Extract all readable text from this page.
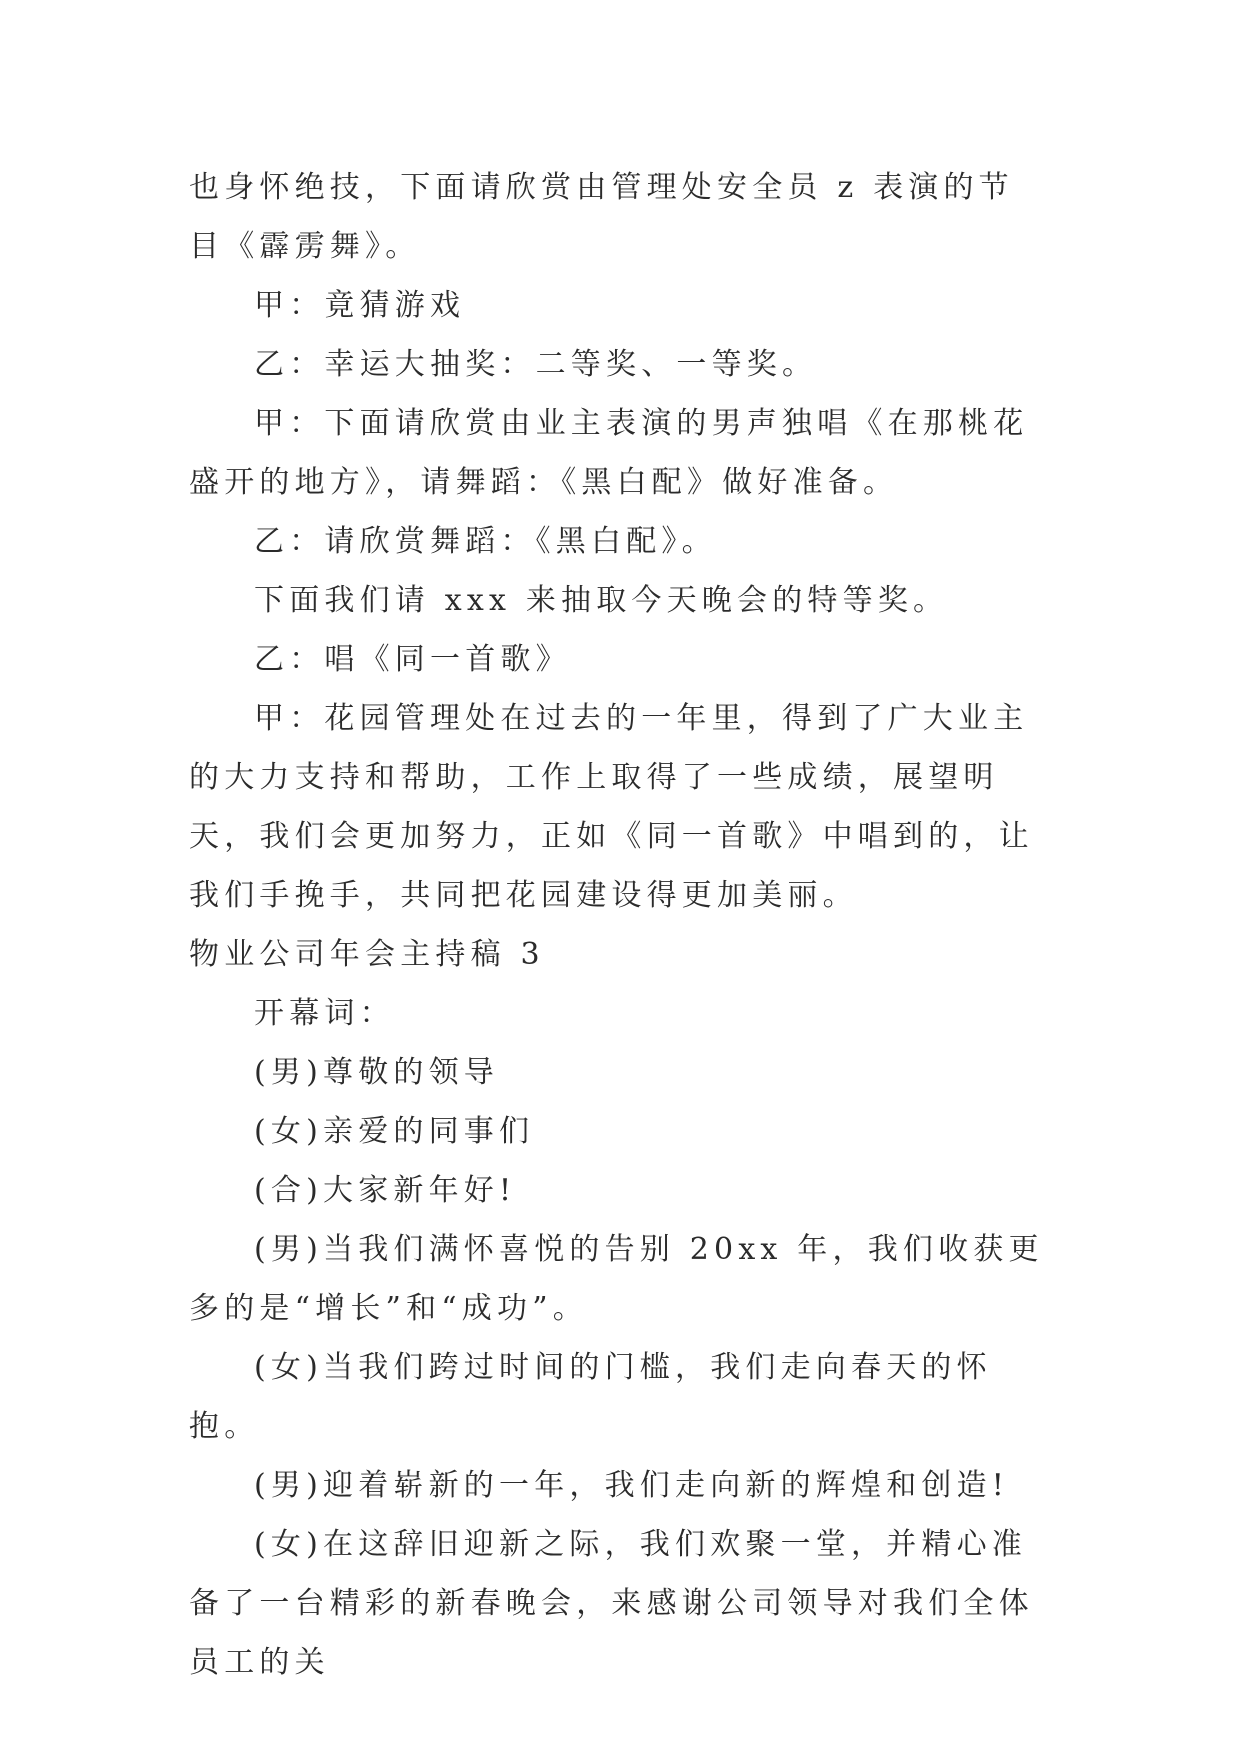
也身怀绝技，下面请欣赏由管理处安全员 z 表演的节目《霹雳舞》。

甲：竟猜游戏

乙：幸运大抽奖：二等奖、一等奖。

甲：下面请欣赏由业主表演的男声独唱《在那桃花盛开的地方》，请舞蹈：《黑白配》做好准备。

乙：请欣赏舞蹈：《黑白配》。

下面我们请 xxx 来抽取今天晚会的特等奖。

乙：唱《同一首歌》

甲：花园管理处在过去的一年里，得到了广大业主的大力支持和帮助，工作上取得了一些成绩，展望明天，我们会更加努力，正如《同一首歌》中唱到的，让我们手挽手，共同把花园建设得更加美丽。

物业公司年会主持稿 3

开幕词：

(男)尊敬的领导

(女)亲爱的同事们

(合)大家新年好!

(男)当我们满怀喜悦的告别 20xx 年，我们收获更多的是“增长”和“成功”。

(女)当我们跨过时间的门槛，我们走向春天的怀抱。

(男)迎着崭新的一年，我们走向新的辉煌和创造!

(女)在这辞旧迎新之际，我们欢聚一堂，并精心准备了一台精彩的新春晚会，来感谢公司领导对我们全体员工的关
